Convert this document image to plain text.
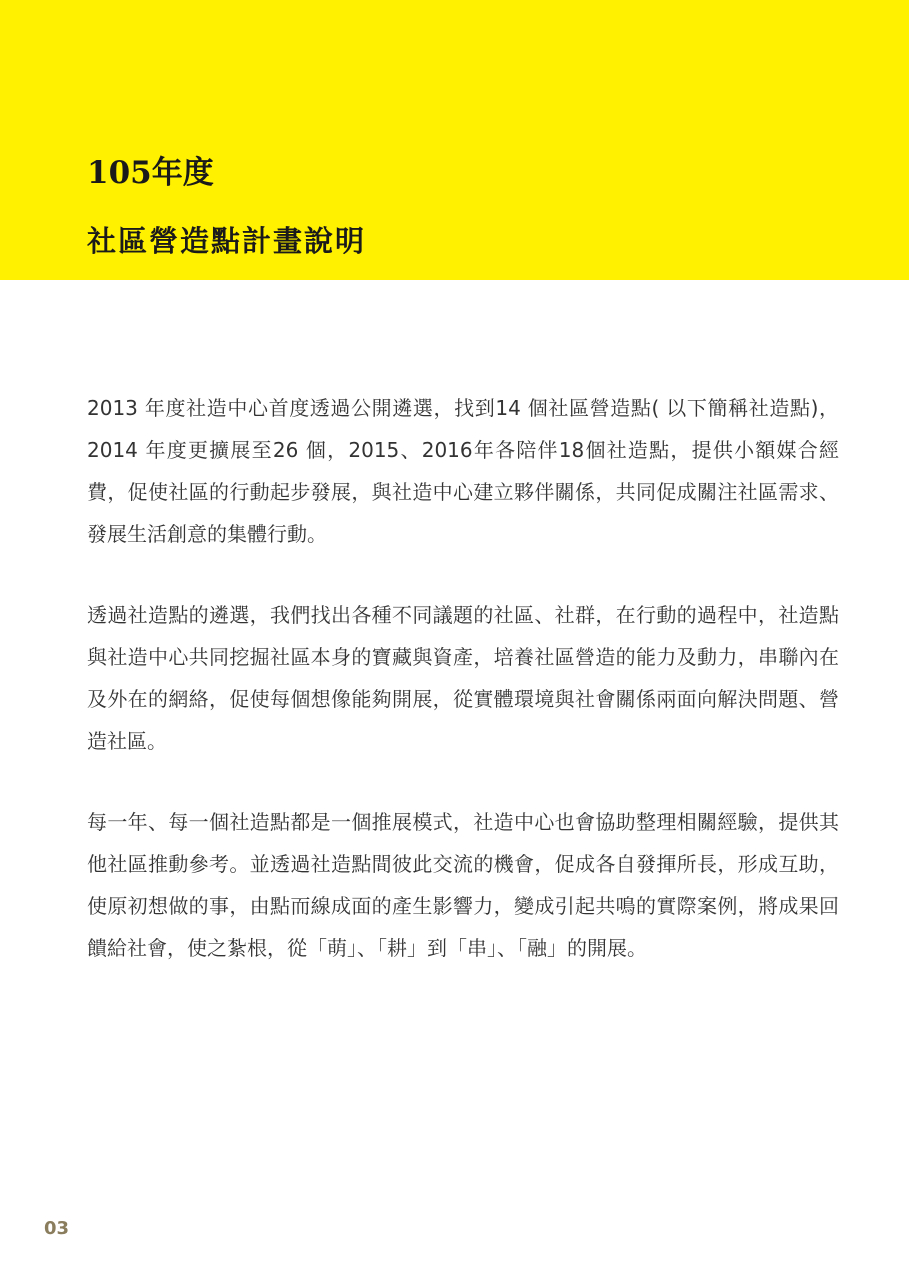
105年度
社區營造點計畫說明

2013 年度社造中心首度透過公開遴選，找到14 個社區營造點( 以下簡稱社造點)，2014 年度更擴展至26 個，2015、2016年各陪伴18個社造點，提供小額媒合經費，促使社區的行動起步發展，與社造中心建立夥伴關係，共同促成關注社區需求、發展生活創意的集體行動。

透過社造點的遴選，我們找出各種不同議題的社區、社群，在行動的過程中，社造點與社造中心共同挖掘社區本身的寶藏與資產，培養社區營造的能力及動力，串聯內在及外在的網絡，促使每個想像能夠開展，從實體環境與社會關係兩面向解決問題、營造社區。

每一年、每一個社造點都是一個推展模式，社造中心也會協助整理相關經驗，提供其他社區推動參考。並透過社造點間彼此交流的機會，促成各自發揮所長，形成互助，使原初想做的事，由點而線成面的產生影響力，變成引起共鳴的實際案例，將成果回饋給社會，使之紮根，從「萌」、「耕」到「串」、「融」的開展。

03
